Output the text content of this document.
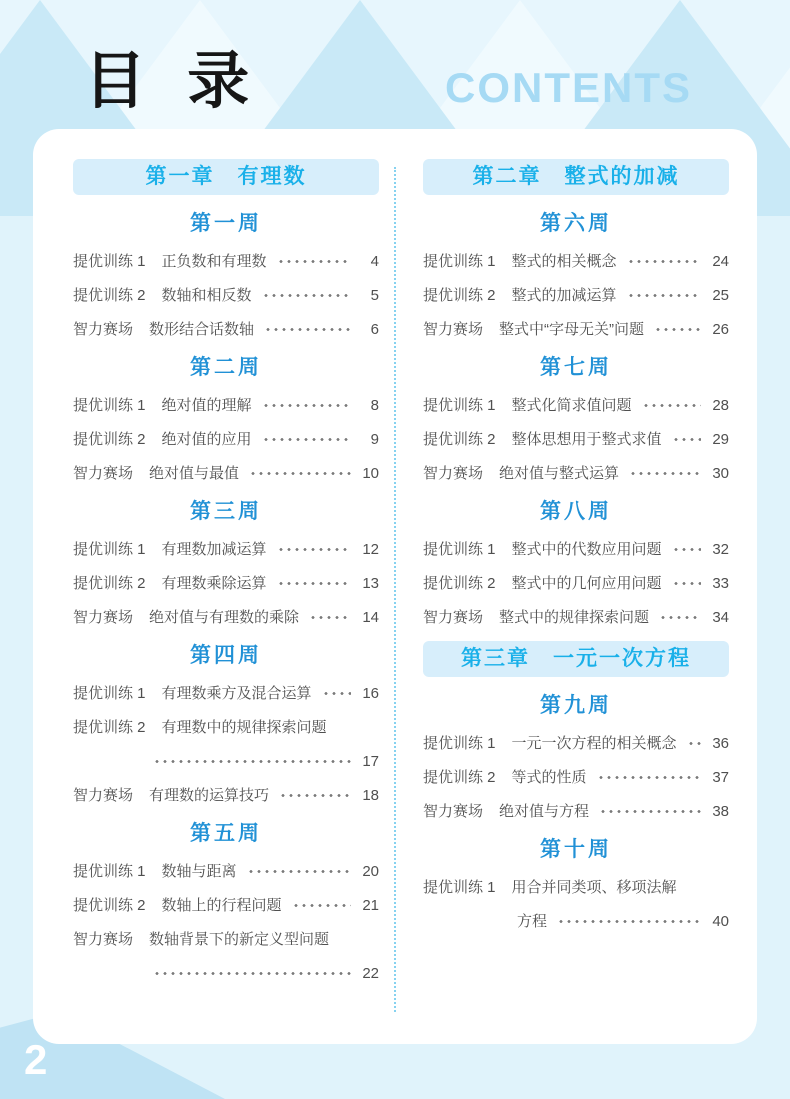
目 录	CONTENTS
第一章　有理数
第一周
提优训练 1 正负数和有理数	4
提优训练 2 数轴和相反数	5
智力赛场 数形结合话数轴	6
第二周
提优训练 1 绝对值的理解	8
提优训练 2 绝对值的应用	9
智力赛场 绝对值与最值	10
第三周
提优训练 1 有理数加减运算	12
提优训练 2 有理数乘除运算	13
智力赛场 绝对值与有理数的乘除	14
第四周
提优训练 1 有理数乘方及混合运算	16
提优训练 2 有理数中的规律探索问题
17
智力赛场 有理数的运算技巧	18
第五周
提优训练 1 数轴与距离	20
提优训练 2 数轴上的行程问题	21
智力赛场 数轴背景下的新定义型问题
22
第二章　整式的加减
第六周
提优训练 1 整式的相关概念	24
提优训练 2 整式的加减运算	25
智力赛场 整式中“字母无关”问题	26
第七周
提优训练 1 整式化简求值问题	28
提优训练 2 整体思想用于整式求值	29
智力赛场 绝对值与整式运算	30
第八周
提优训练 1 整式中的代数应用问题	32
提优训练 2 整式中的几何应用问题	33
智力赛场 整式中的规律探索问题	34
第三章　一元一次方程
第九周
提优训练 1 一元一次方程的相关概念	36
提优训练 2 等式的性质	37
智力赛场 绝对值与方程	38
第十周
提优训练 1 用合并同类项、移项法解
方程	40
2
